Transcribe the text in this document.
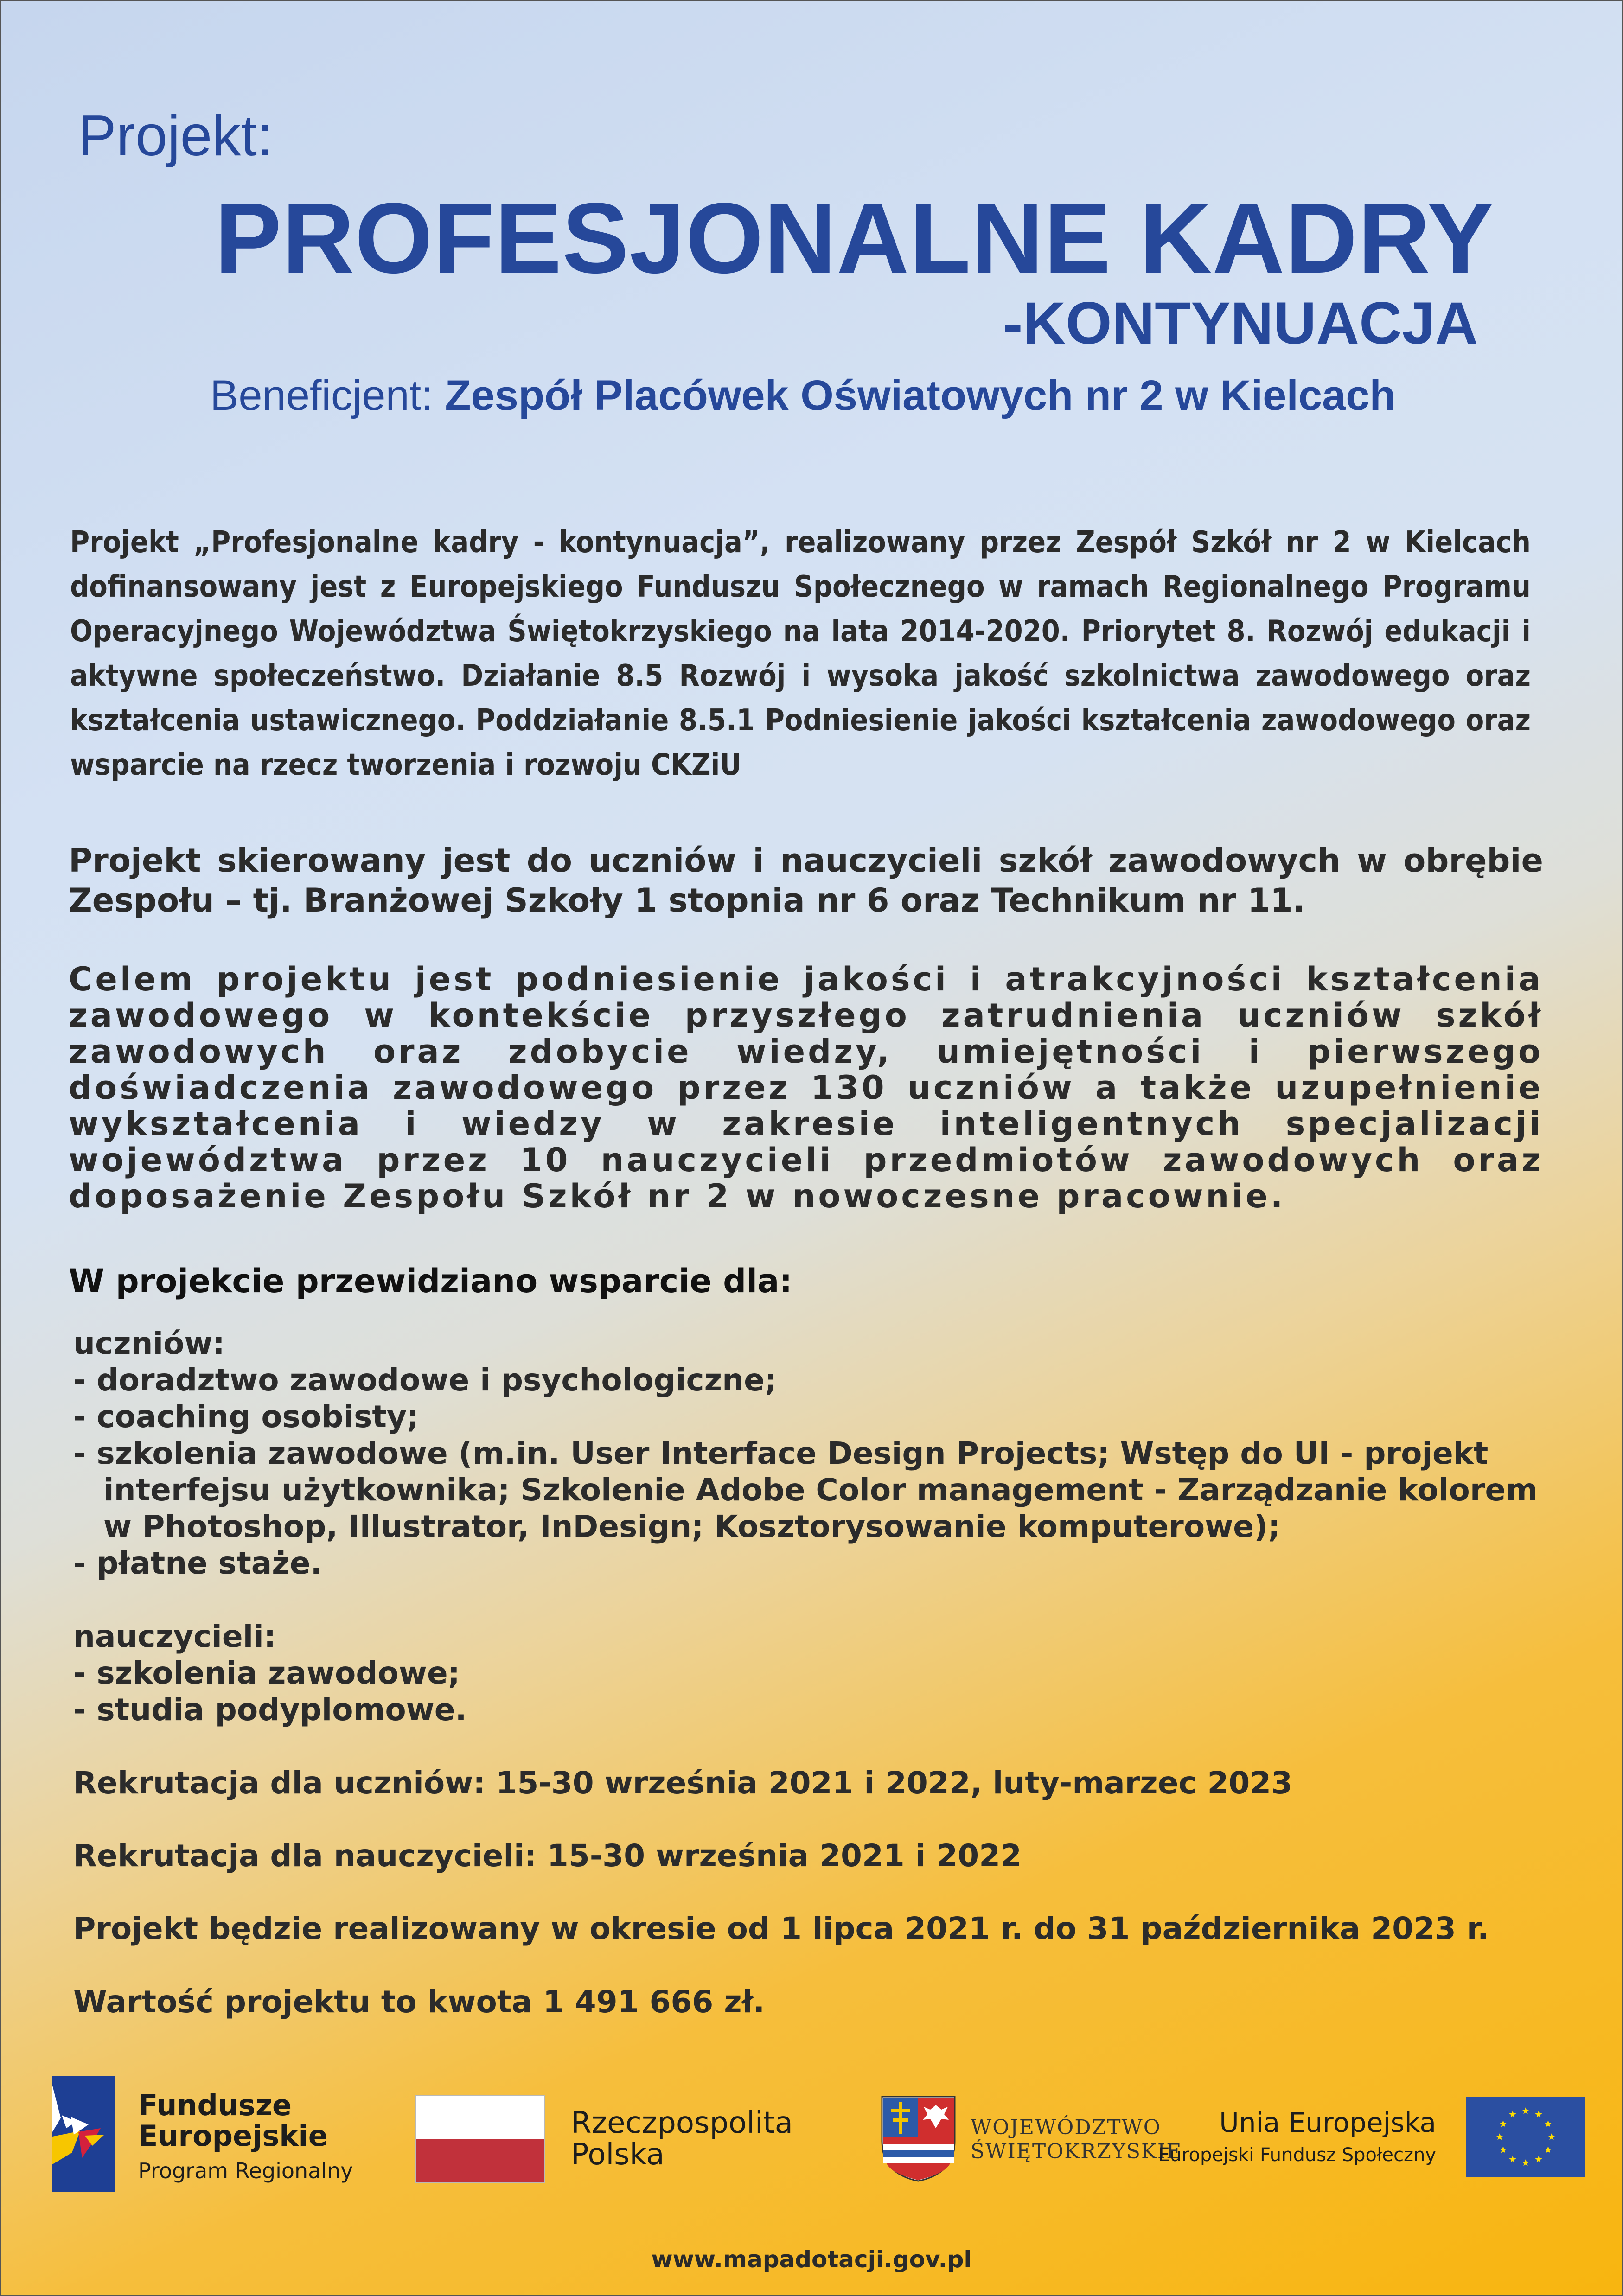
Projekt:

PROFESJONALNE KADRY

-KONTYNUACJA

Beneficjent: Zespół Placówek Oświatowych nr 2 w Kielcach

Projekt „Profesjonalne kadry - kontynuacja”, realizowany przez Zespół Szkół nr 2 w Kielcach dofinansowany jest z Europejskiego Funduszu Społecznego w ramach Regionalnego Programu Operacyjnego Województwa Świętokrzyskiego na lata 2014-2020. Priorytet 8. Rozwój edukacji i aktywne społeczeństwo. Działanie 8.5 Rozwój i wysoka jakość szkolnictwa zawodowego oraz kształcenia ustawicznego. Poddziałanie 8.5.1 Podniesienie jakości kształcenia zawodowego oraz wsparcie na rzecz tworzenia i rozwoju CKZiU

Projekt skierowany jest do uczniów i nauczycieli szkół zawodowych w obrębie Zespołu – tj. Branżowej Szkoły 1 stopnia nr 6 oraz Technikum nr 11.

Celem projektu jest podniesienie jakości i atrakcyjności kształcenia zawodowego w kontekście przyszłego zatrudnienia uczniów szkół zawodowych oraz zdobycie wiedzy, umiejętności i pierwszego doświadczenia zawodowego przez 130 uczniów a także uzupełnienie wykształcenia i wiedzy w zakresie inteligentnych specjalizacji województwa przez 10 nauczycieli przedmiotów zawodowych oraz doposażenie Zespołu Szkół nr 2 w nowoczesne pracownie.

W projekcie przewidziano wsparcie dla:

uczniów:

- doradztwo zawodowe i psychologiczne;

- coaching osobisty;

- szkolenia zawodowe (m.in. User Interface Design Projects; Wstęp do UI - projekt

interfejsu użytkownika; Szkolenie Adobe Color management - Zarządzanie kolorem

w Photoshop, Illustrator, InDesign; Kosztorysowanie komputerowe);

- płatne staże.

nauczycieli:

- szkolenia zawodowe;

- studia podyplomowe.

Rekrutacja dla uczniów: 15-30 września 2021 i 2022, luty-marzec 2023

Rekrutacja dla nauczycieli: 15-30 września 2021 i 2022

Projekt będzie realizowany w okresie od 1 lipca 2021 r. do 31 października 2023 r.

Wartość projektu to kwota 1 491 666 zł.

Fundusze

Europejskie

Program Regionalny

Rzeczpospolita

Polska

WOJEWÓDZTWO

ŚWIĘTOKRZYSKIE

Unia Europejska

Europejski Fundusz Społeczny

www.mapadotacji.gov.pl
